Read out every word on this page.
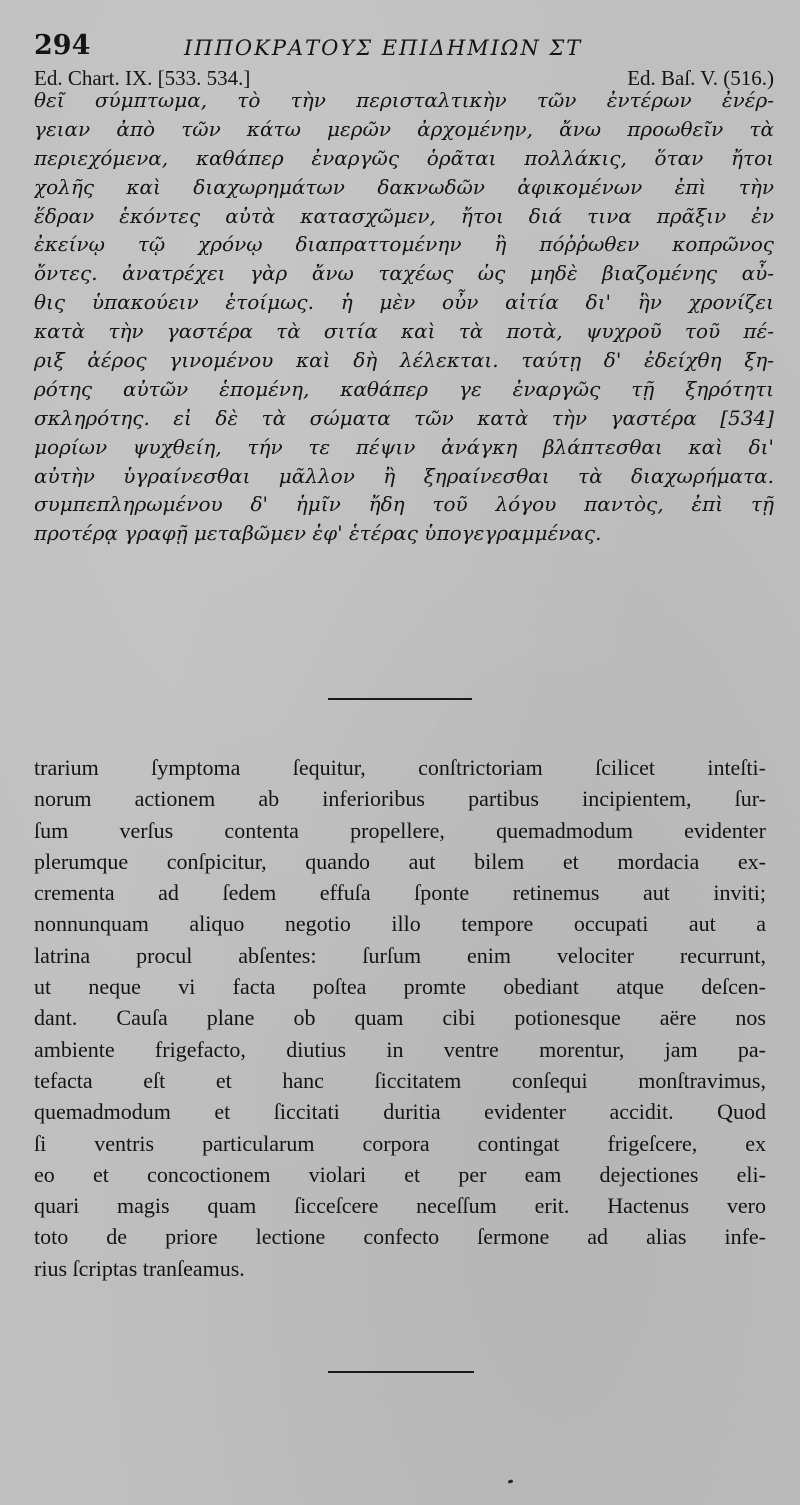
294	ΙΠΠΟΚΡΑΤΟΥΣ ΕΠΙΔΗΜΙΩΝ ΣΤ
Ed. Chart. IX. [533. 534.]	Ed. Baſ. V. (516.)
θεῖ σύμπτωμα, τὸ τὴν περισταλτικὴν τῶν ἐντέρων ἐνέρ-
γειαν ἀπὸ τῶν κάτω μερῶν ἀρχομένην, ἄνω προωθεῖν τὰ
περιεχόμενα, καθάπερ ἐναργῶς ὁρᾶται πολλάκις, ὅταν ἤτοι
χολῆς καὶ διαχωρημάτων δακνωδῶν ἀφικομένων ἐπὶ τὴν
ἕδραν ἑκόντες αὐτὰ κατασχῶμεν, ἤτοι διά τινα πρᾶξιν ἐν
ἐκείνῳ τῷ χρόνῳ διαπραττομένην ἢ πόῤῥωθεν κοπρῶνος
ὄντες. ἀνατρέχει γὰρ ἄνω ταχέως ὡς μηδὲ βιαζομένης αὖ-
θις ὑπακούειν ἑτοίμως. ἡ μὲν οὖν αἰτία δι' ἣν χρονίζει
κατὰ τὴν γαστέρα τὰ σιτία καὶ τὰ ποτὰ, ψυχροῦ τοῦ πέ-
ριξ ἀέρος γινομένου καὶ δὴ λέλεκται. ταύτῃ δ' ἐδείχθη ξη-
ρότης αὐτῶν ἑπομένη, καθάπερ γε ἐναργῶς τῇ ξηρότητι
σκληρότης. εἰ δὲ τὰ σώματα τῶν κατὰ τὴν γαστέρα [534]
μορίων ψυχθείη, τήν τε πέψιν ἀνάγκη βλάπτεσθαι καὶ δι'
αὐτὴν ὑγραίνεσθαι μᾶλλον ἢ ξηραίνεσθαι τὰ διαχωρήματα.
συμπεπληρωμένου δ' ἡμῖν ἤδη τοῦ λόγου παντὸς, ἐπὶ τῇ
προτέρᾳ γραφῇ μεταβῶμεν ἐφ' ἑτέρας ὑπογεγραμμένας.
trarium ſymptoma ſequitur, conſtrictoriam ſcilicet inteſti-
norum actionem ab inferioribus partibus incipientem, ſur-
ſum verſus contenta propellere, quemadmodum evidenter
plerumque conſpicitur, quando aut bilem et mordacia ex-
crementa ad ſedem effuſa ſponte retinemus aut inviti;
nonnunquam aliquo negotio illo tempore occupati aut a
latrina procul abſentes: ſurſum enim velociter recurrunt,
ut neque vi facta poſtea promte obediant atque deſcen-
dant. Cauſa plane ob quam cibi potionesque aëre nos
ambiente frigefacto, diutius in ventre morentur, jam pa-
tefacta eſt et hanc ſiccitatem conſequi monſtravimus,
quemadmodum et ſiccitati duritia evidenter accidit. Quod
ſi ventris particularum corpora contingat frigeſcere, ex
eo et concoctionem violari et per eam dejectiones eli-
quari magis quam ſicceſcere neceſſum erit. Hactenus vero
toto de priore lectione confecto ſermone ad alias infe-
rius ſcriptas tranſeamus.
